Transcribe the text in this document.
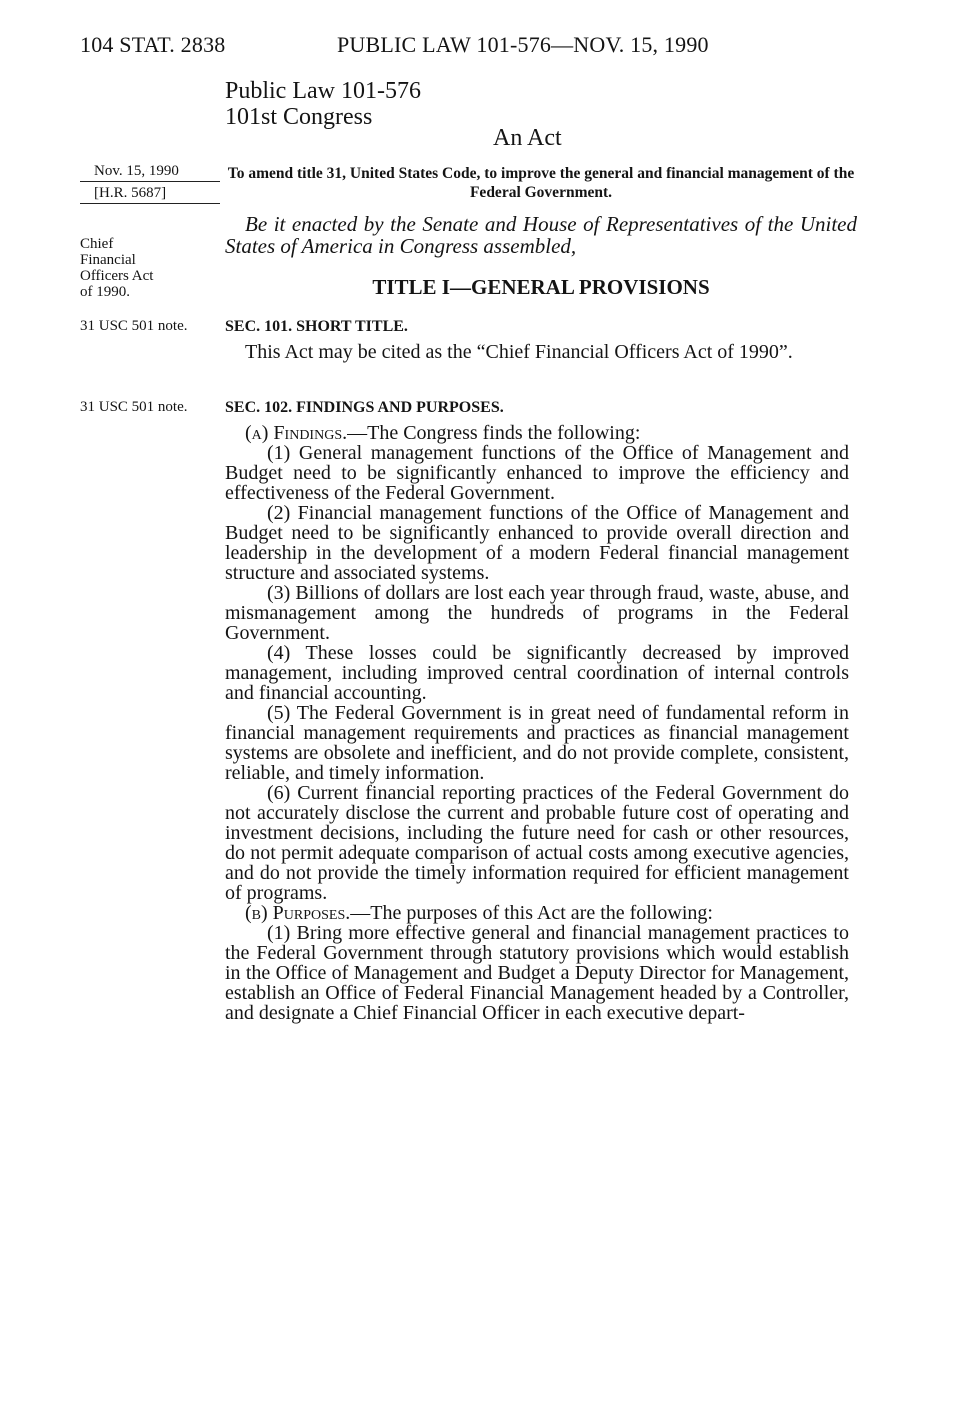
104 STAT. 2838	PUBLIC LAW 101-576—NOV. 15, 1990
Public Law 101-576
101st Congress
An Act
Nov. 15, 1990
[H.R. 5687]
Chief
Financial
Officers Act
of 1990.
31 USC 501 note.
31 USC 501 note.
To amend title 31, United States Code, to improve the general and financial management of the Federal Government.
Be it enacted by the Senate and House of Representatives of the United States of America in Congress assembled,
TITLE I—GENERAL PROVISIONS
SEC. 101. SHORT TITLE.
SEC. 102. FINDINGS AND PURPOSES.

This Act may be cited as the “Chief Financial Officers Act of 1990”.

(a) Findings.—The Congress finds the following:

(1) General management functions of the Office of Management and Budget need to be significantly enhanced to improve the efficiency and effectiveness of the Federal Government.

(2) Financial management functions of the Office of Management and Budget need to be significantly enhanced to provide overall direction and leadership in the development of a modern Federal financial management structure and associated systems.

(3) Billions of dollars are lost each year through fraud, waste, abuse, and mismanagement among the hundreds of programs in the Federal Government.

(4) These losses could be significantly decreased by improved management, including improved central coordination of internal controls and financial accounting.

(5) The Federal Government is in great need of fundamental reform in financial management requirements and practices as financial management systems are obsolete and inefficient, and do not provide complete, consistent, reliable, and timely information.

(6) Current financial reporting practices of the Federal Government do not accurately disclose the current and probable future cost of operating and investment decisions, including the future need for cash or other resources, do not permit adequate comparison of actual costs among executive agencies, and do not provide the timely information required for efficient management of programs.

(b) Purposes.—The purposes of this Act are the following:

(1) Bring more effective general and financial management practices to the Federal Government through statutory provisions which would establish in the Office of Management and Budget a Deputy Director for Management, establish an Office of Federal Financial Management headed by a Controller, and designate a Chief Financial Officer in each executive depart-
